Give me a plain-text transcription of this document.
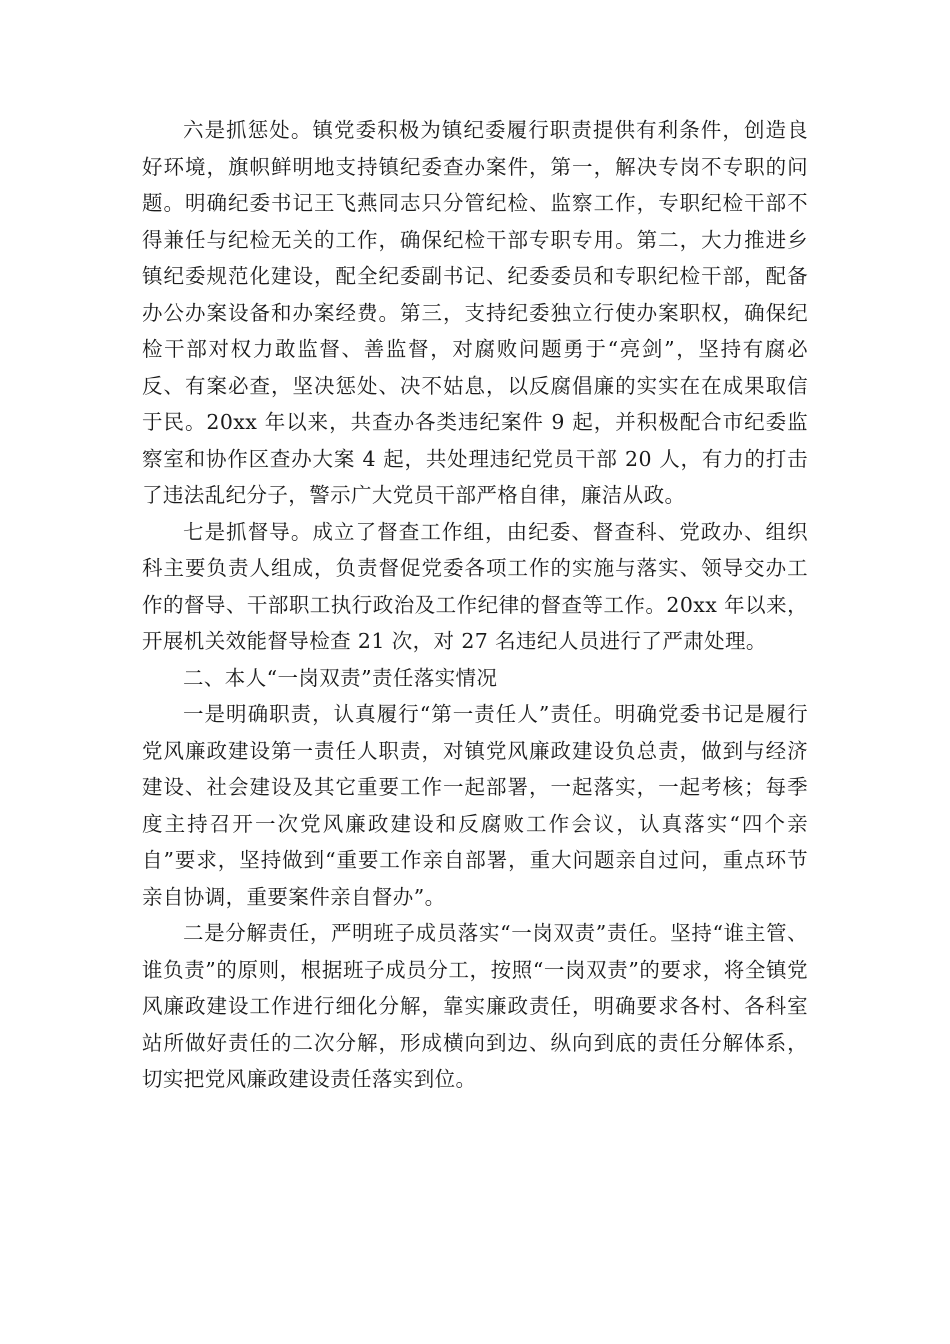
六是抓惩处。镇党委积极为镇纪委履行职责提供有利条件，创造良好环境，旗帜鲜明地支持镇纪委查办案件，第一，解决专岗不专职的问题。明确纪委书记王飞燕同志只分管纪检、监察工作，专职纪检干部不得兼任与纪检无关的工作，确保纪检干部专职专用。第二，大力推进乡镇纪委规范化建设，配全纪委副书记、纪委委员和专职纪检干部，配备办公办案设备和办案经费。第三，支持纪委独立行使办案职权，确保纪检干部对权力敢监督、善监督，对腐败问题勇于“亮剑”，坚持有腐必反、有案必查，坚决惩处、决不姑息，以反腐倡廉的实实在在成果取信于民。20xx 年以来，共查办各类违纪案件 9 起，并积极配合市纪委监察室和协作区查办大案 4 起，共处理违纪党员干部 20 人，有力的打击了违法乱纪分子，警示广大党员干部严格自律，廉洁从政。

七是抓督导。成立了督查工作组，由纪委、督查科、党政办、组织科主要负责人组成，负责督促党委各项工作的实施与落实、领导交办工作的督导、干部职工执行政治及工作纪律的督查等工作。20xx 年以来，开展机关效能督导检查 21 次，对 27 名违纪人员进行了严肃处理。

二、本人“一岗双责”责任落实情况

一是明确职责，认真履行“第一责任人”责任。明确党委书记是履行党风廉政建设第一责任人职责，对镇党风廉政建设负总责，做到与经济建设、社会建设及其它重要工作一起部署，一起落实，一起考核；每季度主持召开一次党风廉政建设和反腐败工作会议，认真落实“四个亲自”要求，坚持做到“重要工作亲自部署，重大问题亲自过问，重点环节亲自协调，重要案件亲自督办”。

二是分解责任，严明班子成员落实“一岗双责”责任。坚持“谁主管、谁负责”的原则，根据班子成员分工，按照“一岗双责”的要求，将全镇党风廉政建设工作进行细化分解，靠实廉政责任，明确要求各村、各科室站所做好责任的二次分解，形成横向到边、纵向到底的责任分解体系，切实把党风廉政建设责任落实到位。
